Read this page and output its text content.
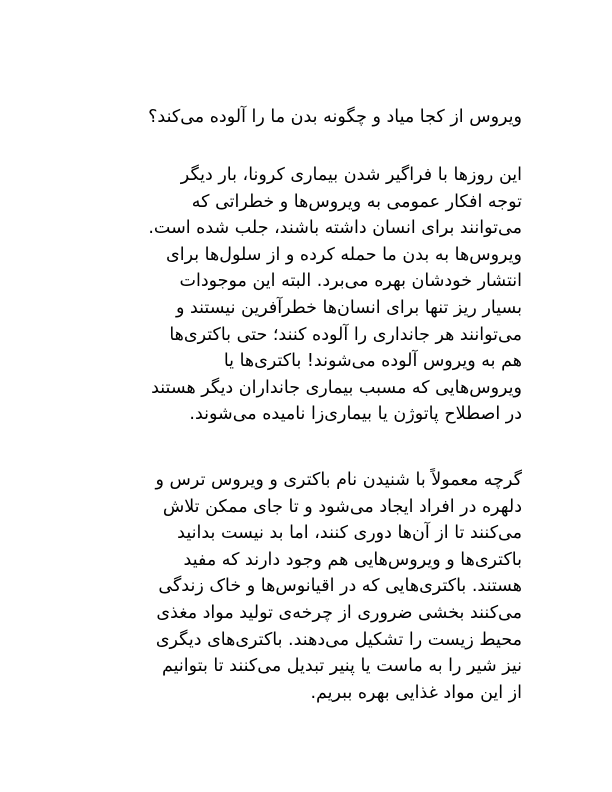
ویروس از کجا میاد و چگونه بدن ما را آلوده می‌کند؟
این روزها با فراگیر شدن بیماری کرونا، بار دیگر
توجه افکار عمومی به ویروس‌ها و خطراتی که
می‌توانند برای انسان داشته باشند، جلب شده است.
ویروس‌ها به بدن ما حمله کرده و از سلول‌ها برای
انتشار خودشان بهره می‌برد. البته این موجودات
بسیار ریز تنها برای انسان‌ها خطرآفرین نیستند و
می‌توانند هر جانداری را آلوده کنند؛ حتی باکتری‌ها
هم به ویروس آلوده می‌شوند! باکتری‌ها یا
ویروس‌هایی که مسبب بیماری جانداران دیگر هستند
در اصطلاح پاتوژن یا بیماری‌زا نامیده می‌شوند.
گرچه معمولاً با شنیدن نام باکتری و ویروس ترس و
دلهره در افراد ایجاد می‌شود و تا جای ممکن تلاش
می‌کنند تا از آن‌ها دوری کنند، اما بد نیست بدانید
باکتری‌ها و ویروس‌هایی هم وجود دارند که مفید
هستند. باکتری‌هایی که در اقیانوس‌ها و خاک زندگی
می‌کنند بخشی ضروری از چرخه‌ی تولید مواد مغذی
محیط زیست را تشکیل می‌دهند. باکتری‌های دیگری
نیز شیر را به ماست یا پنیر تبدیل می‌کنند تا بتوانیم
از این مواد غذایی بهره ببریم.
